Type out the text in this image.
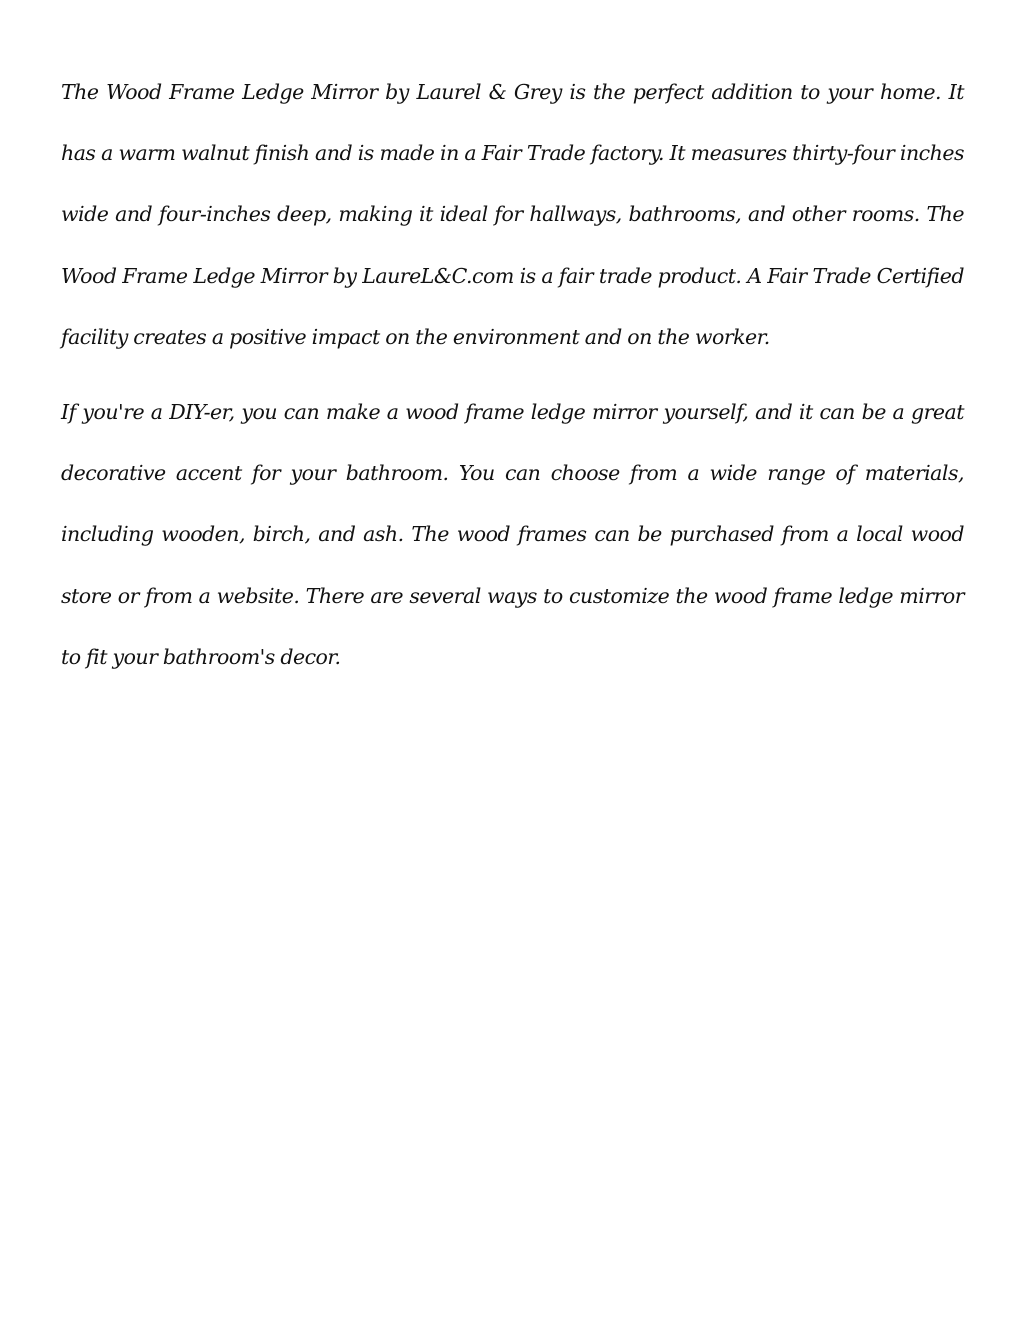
The Wood Frame Ledge Mirror by Laurel & Grey is the perfect addition to your home. It has a warm walnut finish and is made in a Fair Trade factory. It measures thirty-four inches wide and four-inches deep, making it ideal for hallways, bathrooms, and other rooms. The Wood Frame Ledge Mirror by LaureL&C.com is a fair trade product. A Fair Trade Certified facility creates a positive impact on the environment and on the worker.

If you're a DIY-er, you can make a wood frame ledge mirror yourself, and it can be a great decorative accent for your bathroom. You can choose from a wide range of materials, including wooden, birch, and ash. The wood frames can be purchased from a local wood store or from a website. There are several ways to customize the wood frame ledge mirror to fit your bathroom's decor.
